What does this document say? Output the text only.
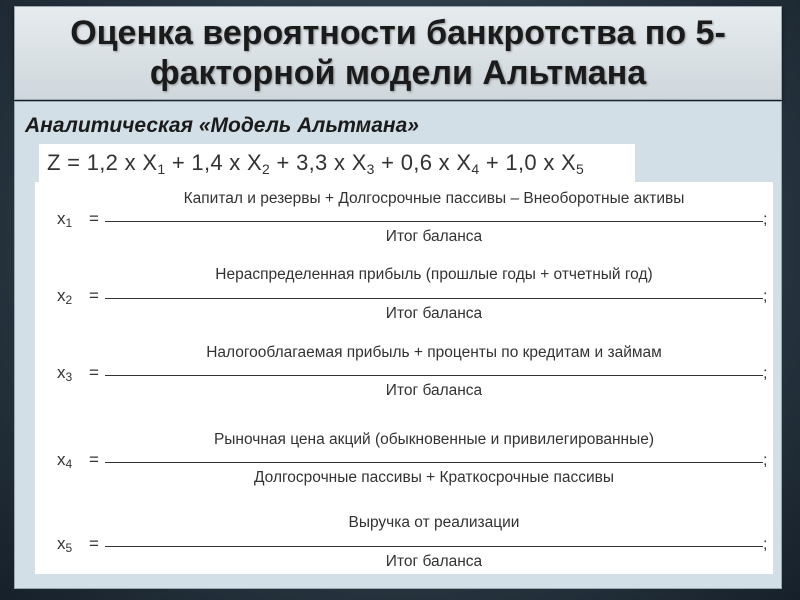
Оценка вероятности банкротства по 5-
факторной модели Альтмана
Аналитическая «Модель Альтмана»
Z = 1,2 x $X_1 + 1,4$ x $X_2 + 3,3$ x $X_3 + 0,6$ x $X_4 + 1,0$ x $X_5$
Капитал и резервы + Долгосрочные пассивы – Внеоборотные активы
$x_1$ =	;
Итог баланса
Нераспределенная прибыль (прошлые годы + отчетный год)
$x_2$ =	;
Итог баланса
Налогооблагаемая прибыль + проценты по кредитам и займам
$x_3$ =	;
Итог баланса
Рыночная цена акций (обыкновенные и привилегированные)
$x_4$ =	;
Долгосрочные пассивы + Краткосрочные пассивы
Выручка от реализации
$x_5$ =	;
Итог баланса
